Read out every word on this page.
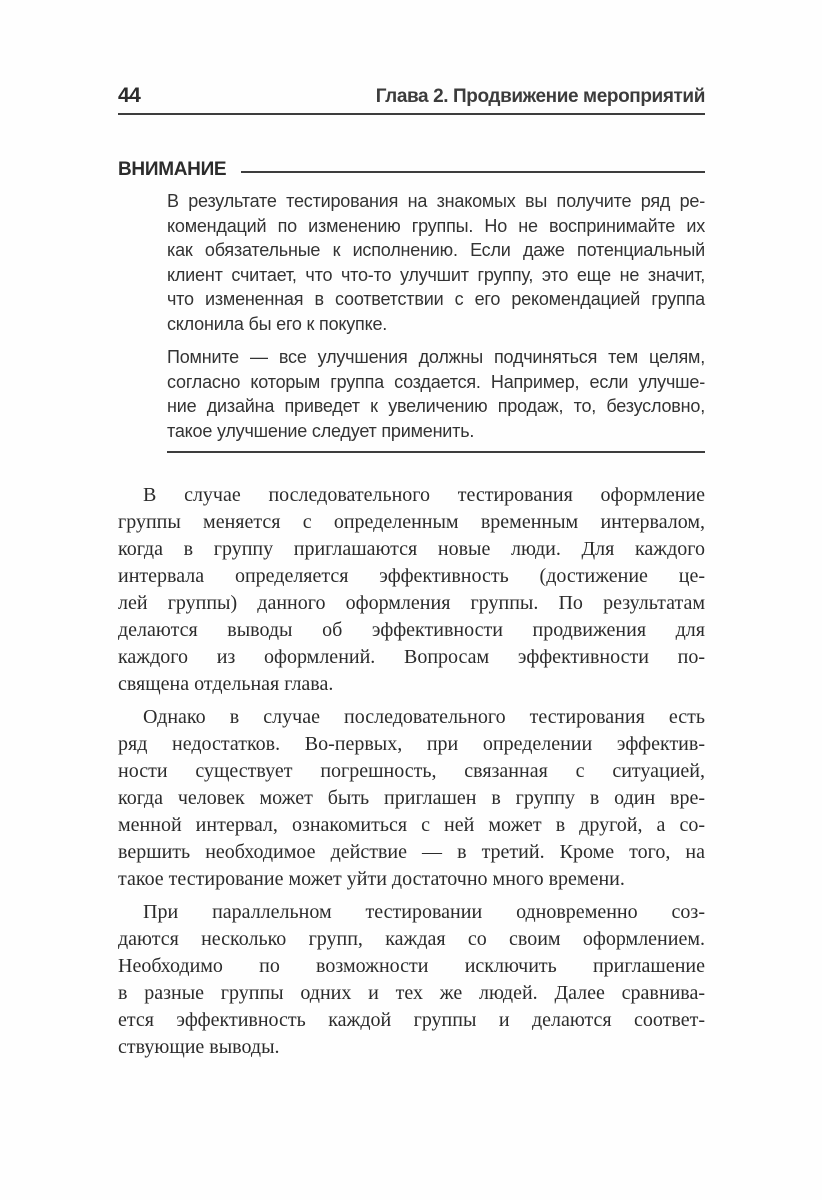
44	Глава 2. Продвижение мероприятий
ВНИМАНИЕ
В результате тестирования на знакомых вы получите ряд ре-
комендаций по изменению группы. Но не воспринимайте их
как обязательные к исполнению. Если даже потенциальный
клиент считает, что что-то улучшит группу, это еще не значит,
что измененная в соответствии с его рекомендацией группа
склонила бы его к покупке.
Помните — все улучшения должны подчиняться тем целям,
согласно которым группа создается. Например, если улучше-
ние дизайна приведет к увеличению продаж, то, безусловно,
такое улучшение следует применить.
В случае последовательного тестирования оформление
группы меняется с определенным временным интервалом,
когда в группу приглашаются новые люди. Для каждого
интервала определяется эффективность (достижение це-
лей группы) данного оформления группы. По результатам
делаются выводы об эффективности продвижения для
каждого из оформлений. Вопросам эффективности по-
священа отдельная глава.
Однако в случае последовательного тестирования есть
ряд недостатков. Во-первых, при определении эффектив-
ности существует погрешность, связанная с ситуацией,
когда человек может быть приглашен в группу в один вре-
менной интервал, ознакомиться с ней может в другой, а со-
вершить необходимое действие — в третий. Кроме того, на
такое тестирование может уйти достаточно много времени.
При параллельном тестировании одновременно соз-
даются несколько групп, каждая со своим оформлением.
Необходимо по возможности исключить приглашение
в разные группы одних и тех же людей. Далее сравнива-
ется эффективность каждой группы и делаются соответ-
ствующие выводы.
